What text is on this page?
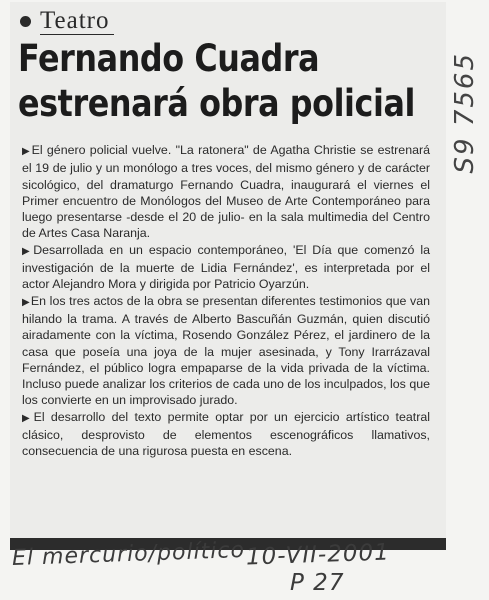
Teatro
Fernando Cuadra estrenará obra policial

▶El género policial vuelve. "La ratonera" de Agatha Christie se estrenará el 19 de julio y un monólogo a tres voces, del mismo género y de carácter sicológico, del dramaturgo Fernando Cuadra, inaugurará el viernes el Primer encuentro de Monólogos del Museo de Arte Contemporáneo para luego presentarse -desde el 20 de julio- en la sala multimedia del Centro de Artes Casa Naranja.

▶Desarrollada en un espacio contemporáneo, 'El Día que comenzó la investigación de la muerte de Lidia Fernández', es interpretada por el actor Alejandro Mora y dirigida por Patricio Oyarzún.

▶En los tres actos de la obra se presentan diferentes testimonios que van hilando la trama. A través de Alberto Bascuñán Guzmán, quien discutió airadamente con la víctima, Rosendo González Pérez, el jardinero de la casa que poseía una joya de la mujer asesinada, y Tony Irarrázaval Fernández, el público logra empaparse de la vida privada de la víctima. Incluso puede analizar los criterios de cada uno de los inculpados, los que los convierte en un improvisado jurado.

▶El desarrollo del texto permite optar por un ejercicio artístico teatral clásico, desprovisto de elementos escenográficos llamativos, consecuencia de una rigurosa puesta en escena.

El mercurio/político 10-VII-2001
P 27
S9 7565
